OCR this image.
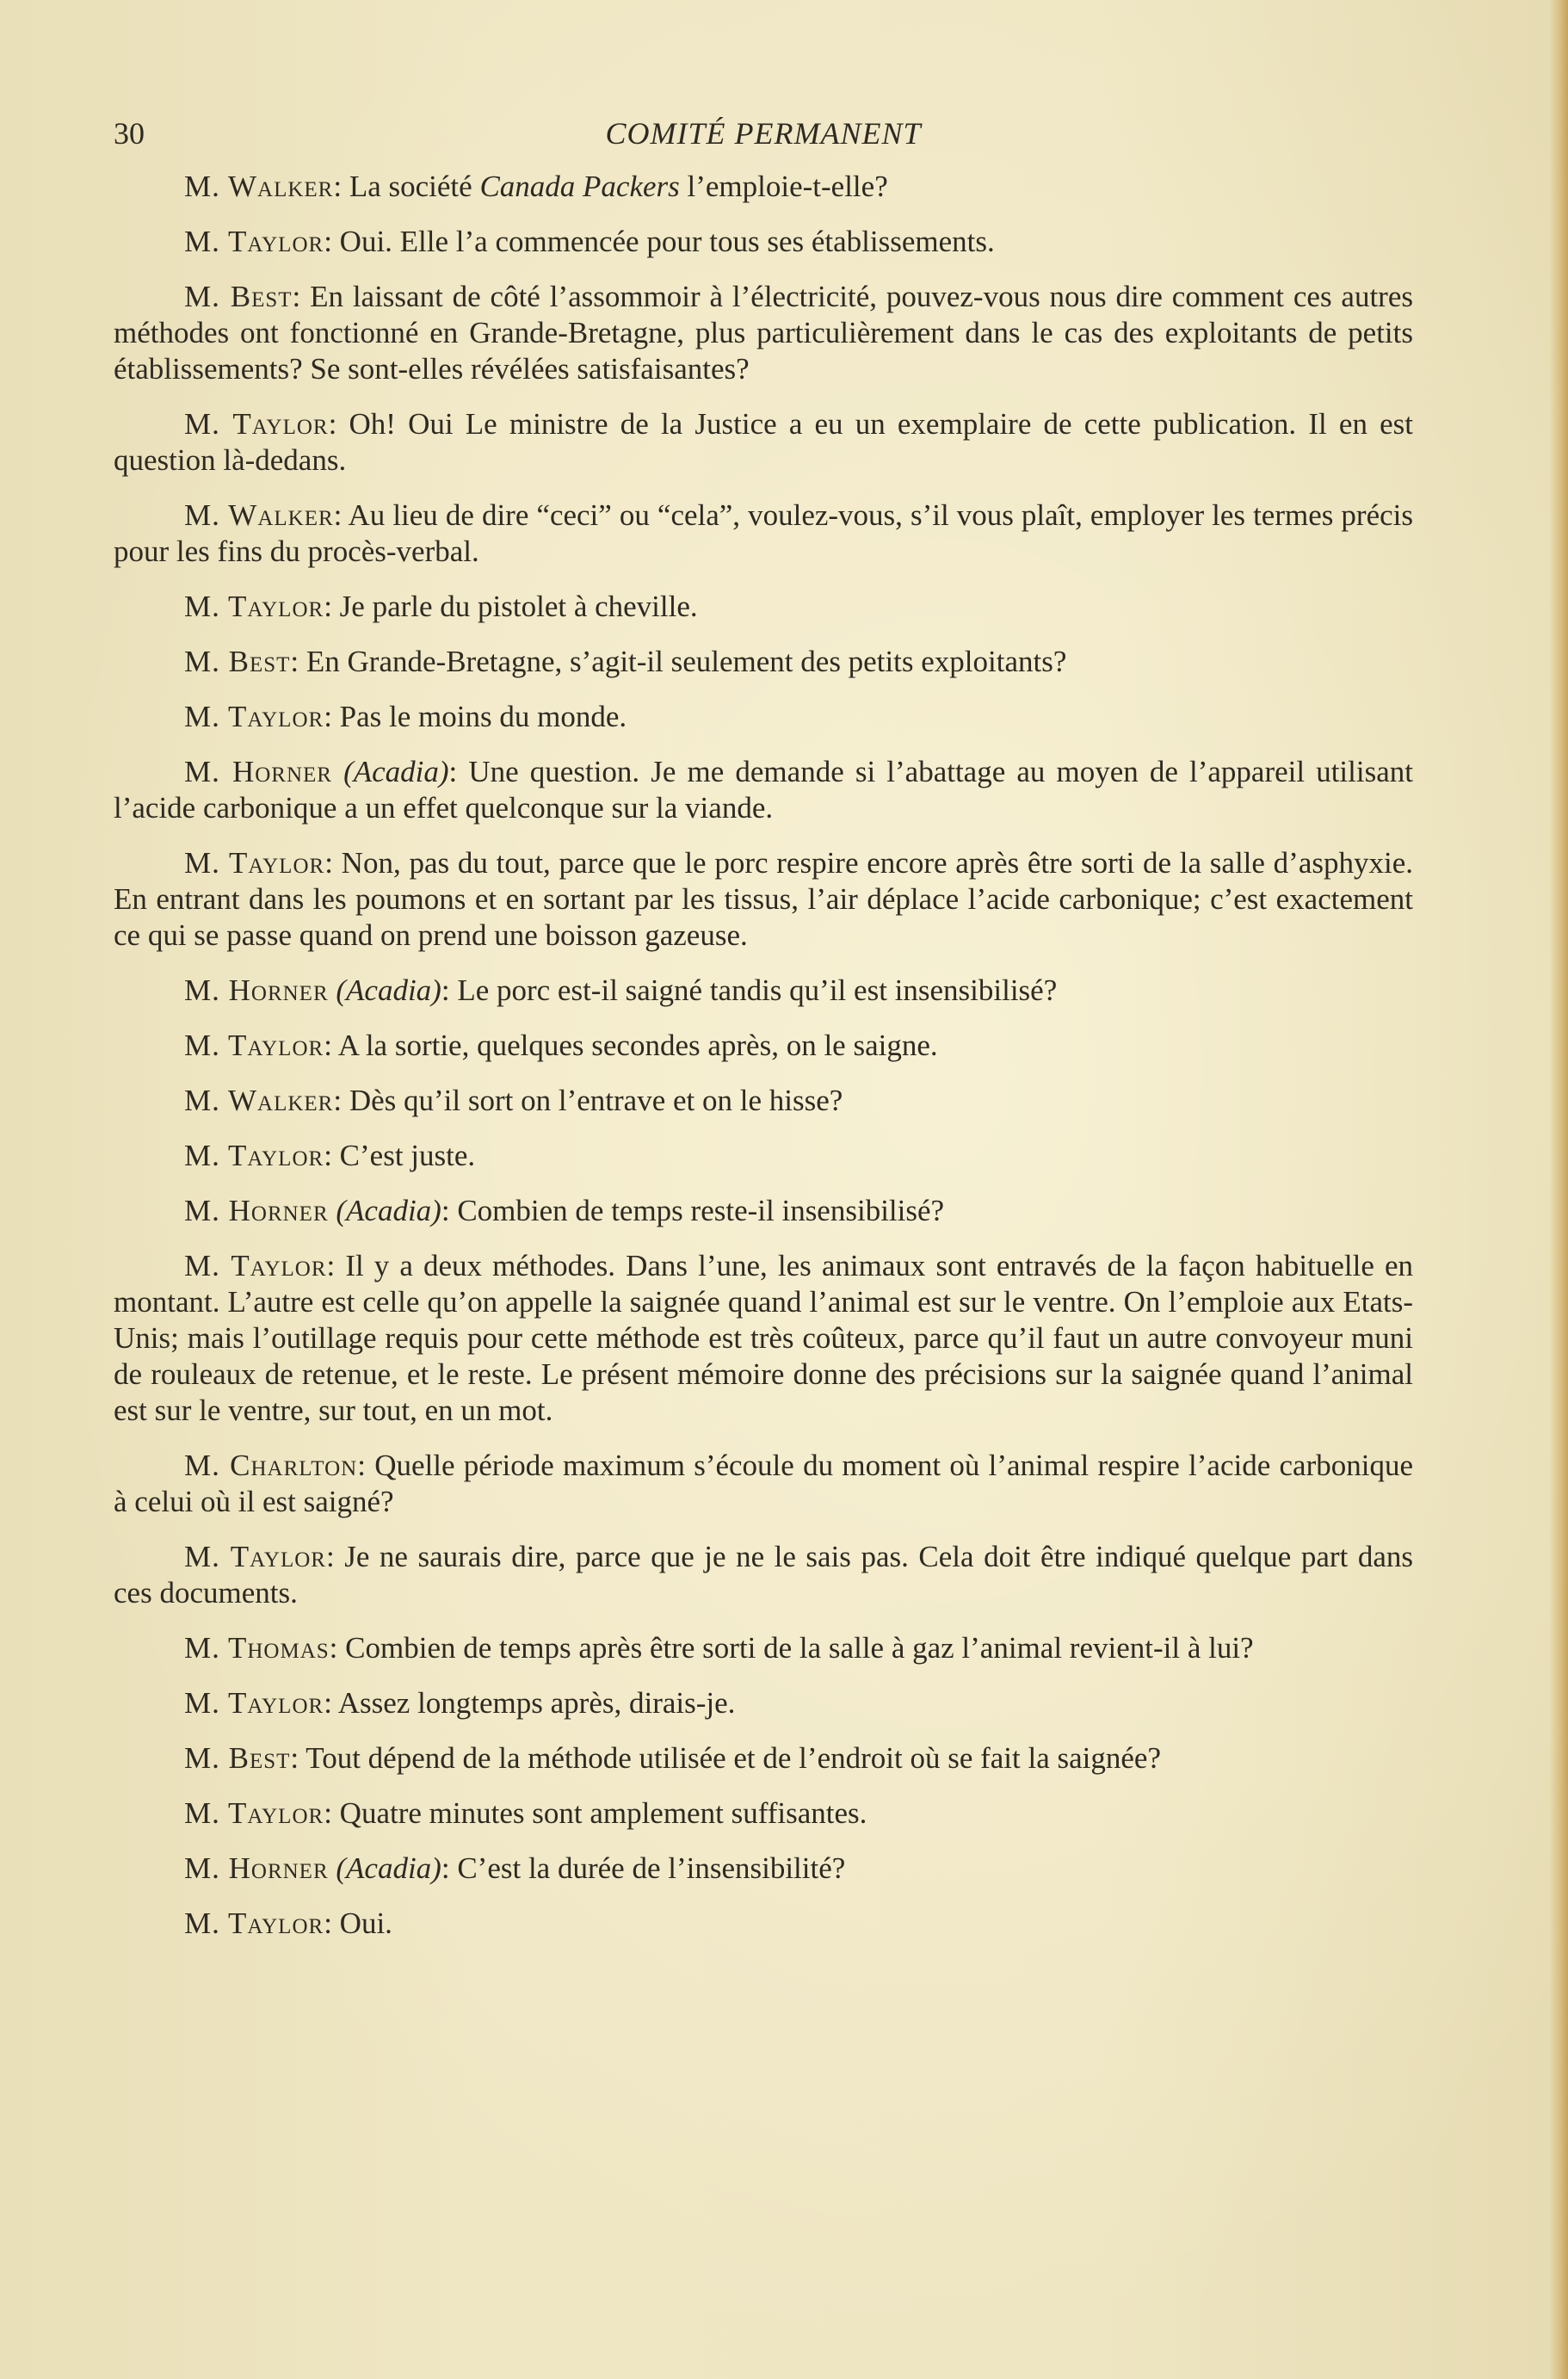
30	COMITÉ PERMANENT

M. Walker: La société Canada Packers l’emploie-t-elle?

M. Taylor: Oui. Elle l’a commencée pour tous ses établissements.

M. Best: En laissant de côté l’assommoir à l’électricité, pouvez-vous nous dire comment ces autres méthodes ont fonctionné en Grande-Bretagne, plus particulièrement dans le cas des exploitants de petits établissements? Se sont-elles révélées satisfaisantes?

M. Taylor: Oh! Oui Le ministre de la Justice a eu un exemplaire de cette publication. Il en est question là-dedans.

M. Walker: Au lieu de dire “ceci” ou “cela”, voulez-vous, s’il vous plaît, employer les termes précis pour les fins du procès-verbal.

M. Taylor: Je parle du pistolet à cheville.

M. Best: En Grande-Bretagne, s’agit-il seulement des petits exploitants?

M. Taylor: Pas le moins du monde.

M. Horner (Acadia): Une question. Je me demande si l’abattage au moyen de l’appareil utilisant l’acide carbonique a un effet quelconque sur la viande.

M. Taylor: Non, pas du tout, parce que le porc respire encore après être sorti de la salle d’asphyxie. En entrant dans les poumons et en sortant par les tissus, l’air déplace l’acide carbonique; c’est exactement ce qui se passe quand on prend une boisson gazeuse.

M. Horner (Acadia): Le porc est-il saigné tandis qu’il est insensibilisé?

M. Taylor: A la sortie, quelques secondes après, on le saigne.

M. Walker: Dès qu’il sort on l’entrave et on le hisse?

M. Taylor: C’est juste.

M. Horner (Acadia): Combien de temps reste-il insensibilisé?

M. Taylor: Il y a deux méthodes. Dans l’une, les animaux sont entravés de la façon habituelle en montant. L’autre est celle qu’on appelle la saignée quand l’animal est sur le ventre. On l’emploie aux Etats-Unis; mais l’outillage requis pour cette méthode est très coûteux, parce qu’il faut un autre convoyeur muni de rouleaux de retenue, et le reste. Le présent mémoire donne des précisions sur la saignée quand l’animal est sur le ventre, sur tout, en un mot.

M. Charlton: Quelle période maximum s’écoule du moment où l’animal respire l’acide carbonique à celui où il est saigné?

M. Taylor: Je ne saurais dire, parce que je ne le sais pas. Cela doit être indiqué quelque part dans ces documents.

M. Thomas: Combien de temps après être sorti de la salle à gaz l’animal revient-il à lui?

M. Taylor: Assez longtemps après, dirais-je.

M. Best: Tout dépend de la méthode utilisée et de l’endroit où se fait la saignée?

M. Taylor: Quatre minutes sont amplement suffisantes.

M. Horner (Acadia): C’est la durée de l’insensibilité?

M. Taylor: Oui.
